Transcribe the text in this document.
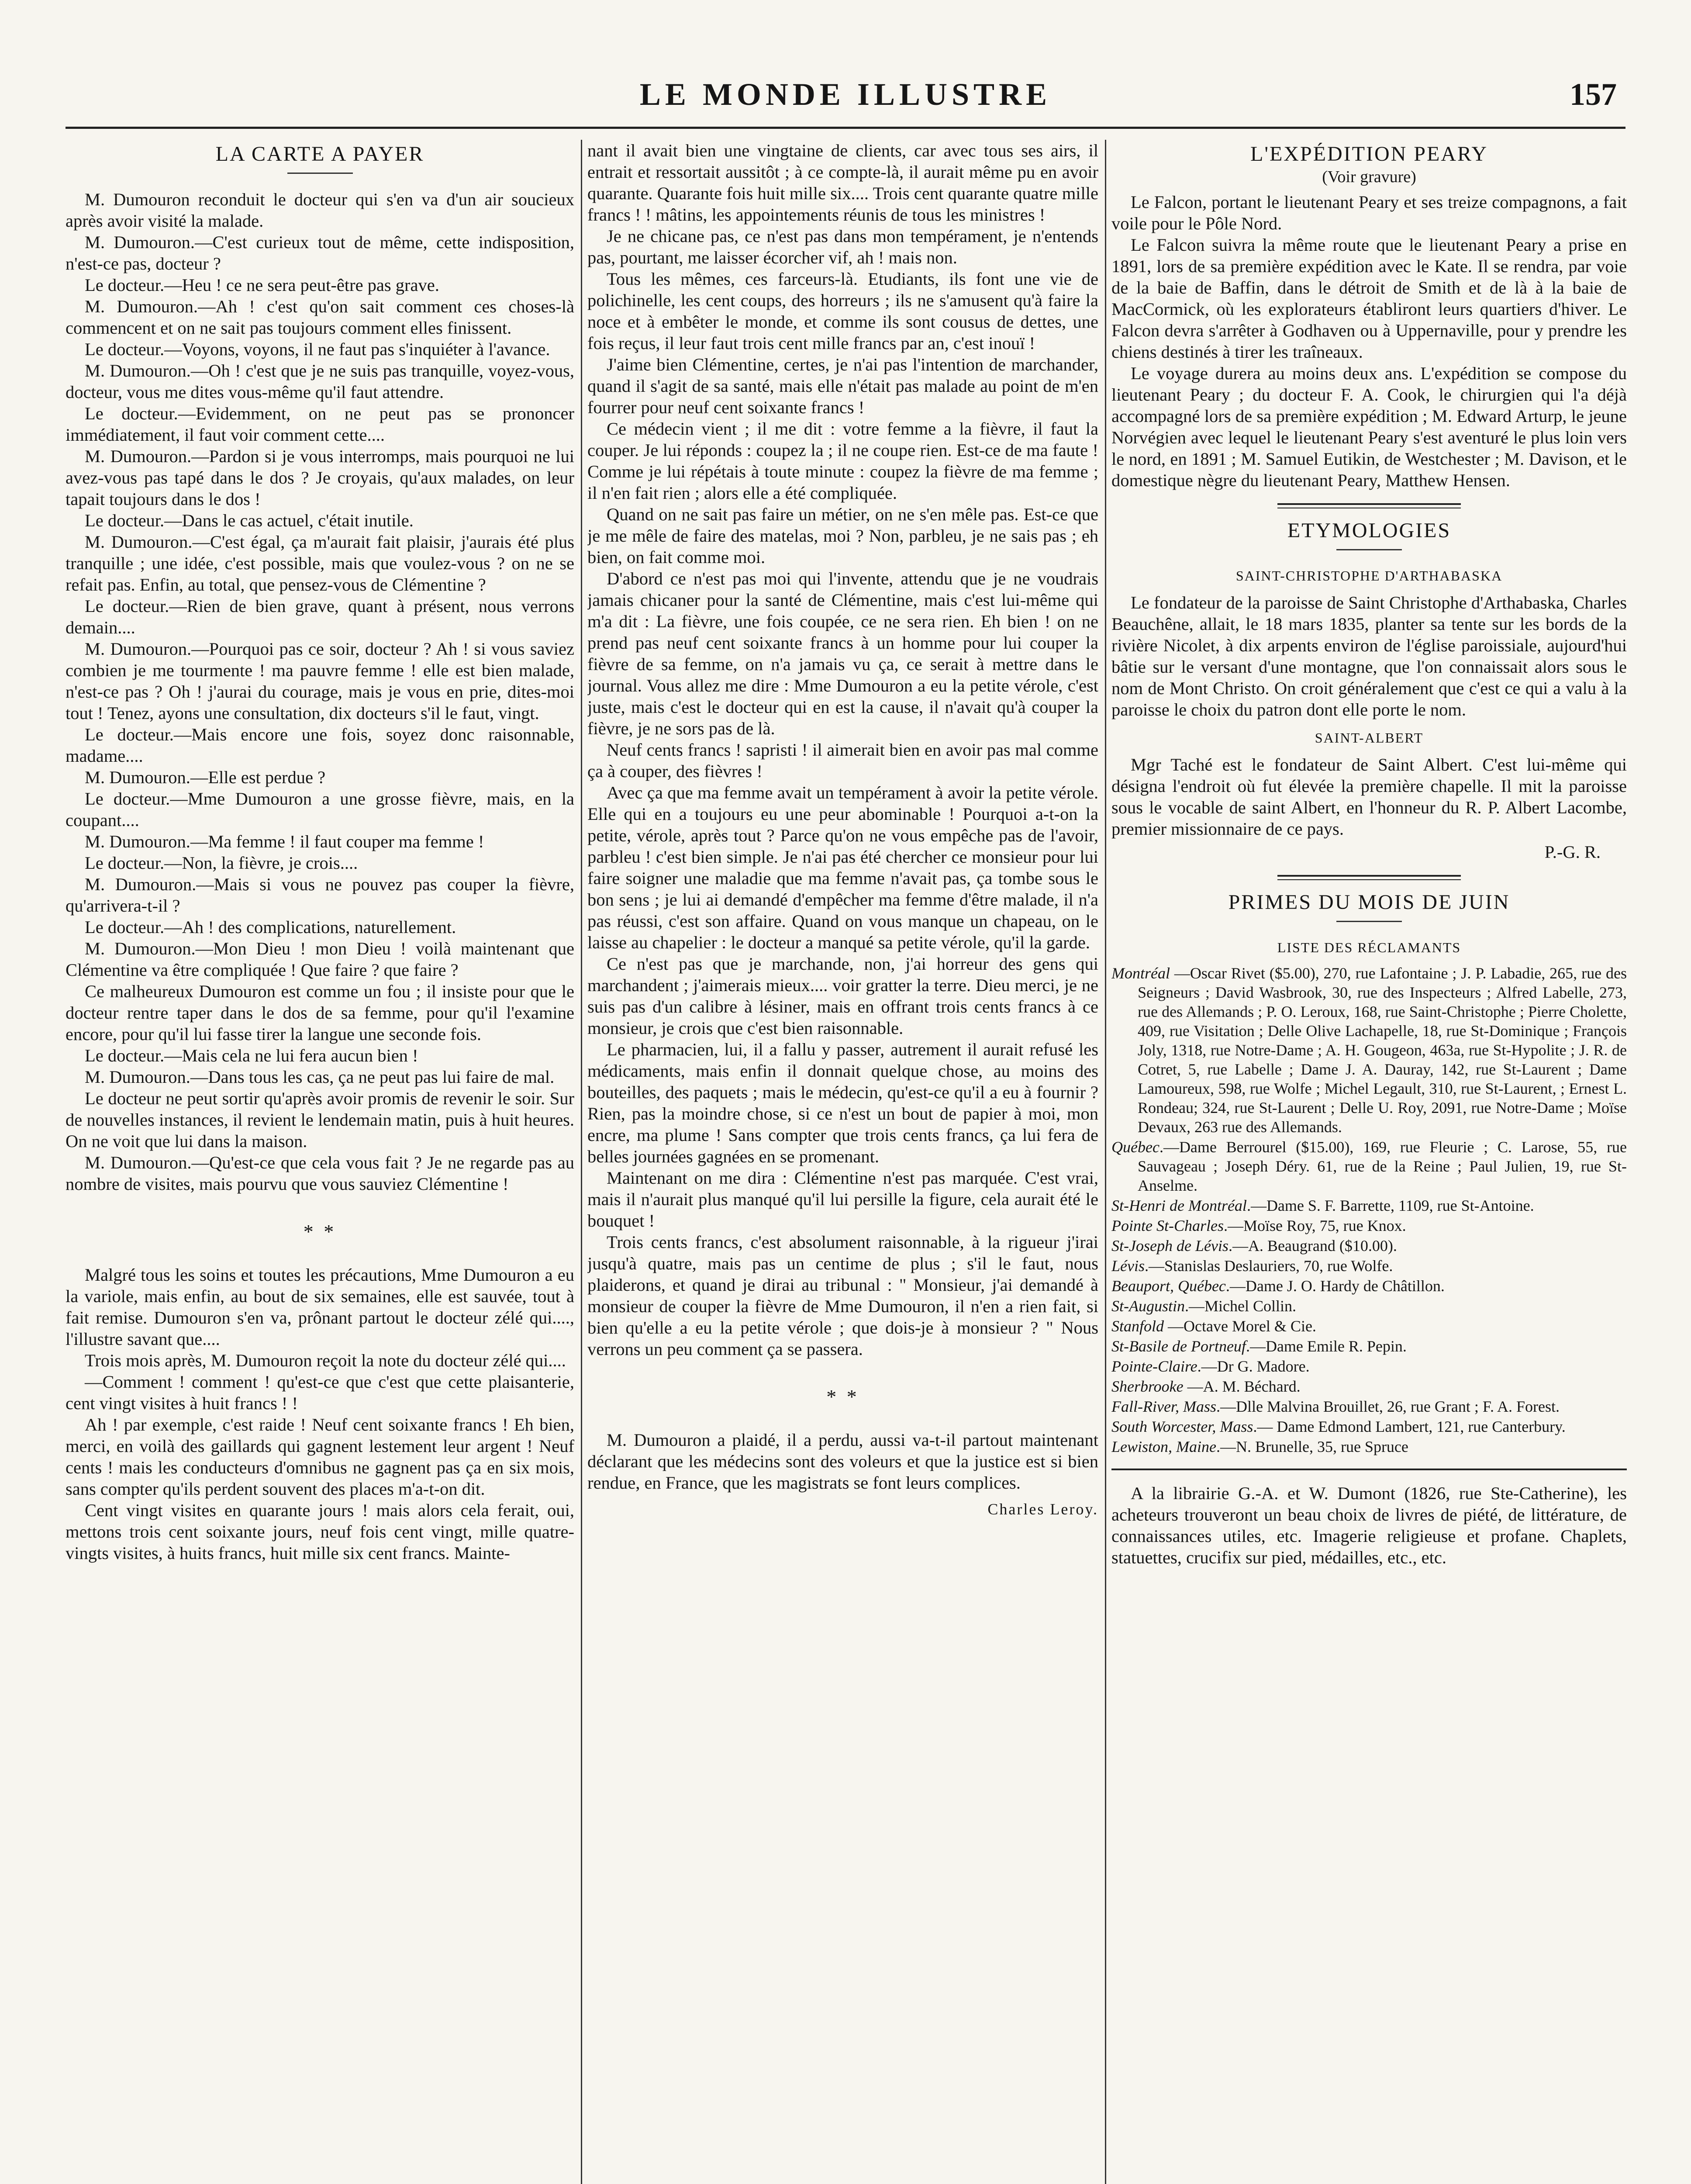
LE MONDE ILLUSTRE	157
LA CARTE A PAYER

M. Dumouron reconduit le docteur qui s'en va d'un air soucieux après avoir visité la malade.

M. Dumouron.—C'est curieux tout de même, cette indisposition, n'est-ce pas, docteur ?

Le docteur.—Heu ! ce ne sera peut-être pas grave.

M. Dumouron.—Ah ! c'est qu'on sait comment ces choses-là commencent et on ne sait pas toujours comment elles finissent.

Le docteur.—Voyons, voyons, il ne faut pas s'inquiéter à l'avance.

M. Dumouron.—Oh ! c'est que je ne suis pas tranquille, voyez-vous, docteur, vous me dites vous-même qu'il faut attendre.

Le docteur.—Evidemment, on ne peut pas se prononcer immédiatement, il faut voir comment cette....

M. Dumouron.—Pardon si je vous interromps, mais pourquoi ne lui avez-vous pas tapé dans le dos ? Je croyais, qu'aux malades, on leur tapait toujours dans le dos !

Le docteur.—Dans le cas actuel, c'était inutile.

M. Dumouron.—C'est égal, ça m'aurait fait plaisir, j'aurais été plus tranquille ; une idée, c'est possible, mais que voulez-vous ? on ne se refait pas. Enfin, au total, que pensez-vous de Clémentine ?

Le docteur.—Rien de bien grave, quant à présent, nous verrons demain....

M. Dumouron.—Pourquoi pas ce soir, docteur ? Ah ! si vous saviez combien je me tourmente ! ma pauvre femme ! elle est bien malade, n'est-ce pas ? Oh ! j'aurai du courage, mais je vous en prie, dites-moi tout ! Tenez, ayons une consultation, dix docteurs s'il le faut, vingt.

Le docteur.—Mais encore une fois, soyez donc raisonnable, madame....

M. Dumouron.—Elle est perdue ?

Le docteur.—Mme Dumouron a une grosse fièvre, mais, en la coupant....

M. Dumouron.—Ma femme ! il faut couper ma femme !

Le docteur.—Non, la fièvre, je crois....

M. Dumouron.—Mais si vous ne pouvez pas couper la fièvre, qu'arrivera-t-il ?

Le docteur.—Ah ! des complications, naturellement.

M. Dumouron.—Mon Dieu ! mon Dieu ! voilà maintenant que Clémentine va être compliquée ! Que faire ? que faire ?

Ce malheureux Dumouron est comme un fou ; il insiste pour que le docteur rentre taper dans le dos de sa femme, pour qu'il l'examine encore, pour qu'il lui fasse tirer la langue une seconde fois.

Le docteur.—Mais cela ne lui fera aucun bien !

M. Dumouron.—Dans tous les cas, ça ne peut pas lui faire de mal.

Le docteur ne peut sortir qu'après avoir promis de revenir le soir. Sur de nouvelles instances, il revient le lendemain matin, puis à huit heures. On ne voit que lui dans la maison.

M. Dumouron.—Qu'est-ce que cela vous fait ? Je ne regarde pas au nombre de visites, mais pourvu que vous sauviez Clémentine !

* *

Malgré tous les soins et toutes les précautions, Mme Dumouron a eu la variole, mais enfin, au bout de six semaines, elle est sauvée, tout à fait remise. Dumouron s'en va, prônant partout le docteur zélé qui...., l'illustre savant que....

Trois mois après, M. Dumouron reçoit la note du docteur zélé qui....

—Comment ! comment ! qu'est-ce que c'est que cette plaisanterie, cent vingt visites à huit francs ! !

Ah ! par exemple, c'est raide ! Neuf cent soixante francs ! Eh bien, merci, en voilà des gaillards qui gagnent lestement leur argent ! Neuf cents ! mais les conducteurs d'omnibus ne gagnent pas ça en six mois, sans compter qu'ils perdent souvent des places m'a-t-on dit.

Cent vingt visites en quarante jours ! mais alors cela ferait, oui, mettons trois cent soixante jours, neuf fois cent vingt, mille quatre-vingts visites, à huits francs, huit mille six cent francs. Mainte-

nant il avait bien une vingtaine de clients, car avec tous ses airs, il entrait et ressortait aussitôt ; à ce compte-là, il aurait même pu en avoir quarante. Quarante fois huit mille six.... Trois cent quarante quatre mille francs ! ! mâtins, les appointements réunis de tous les ministres !

Je ne chicane pas, ce n'est pas dans mon tempérament, je n'entends pas, pourtant, me laisser écorcher vif, ah ! mais non.

Tous les mêmes, ces farceurs-là. Etudiants, ils font une vie de polichinelle, les cent coups, des horreurs ; ils ne s'amusent qu'à faire la noce et à embêter le monde, et comme ils sont cousus de dettes, une fois reçus, il leur faut trois cent mille francs par an, c'est inouï !

J'aime bien Clémentine, certes, je n'ai pas l'intention de marchander, quand il s'agit de sa santé, mais elle n'était pas malade au point de m'en fourrer pour neuf cent soixante francs !

Ce médecin vient ; il me dit : votre femme a la fièvre, il faut la couper. Je lui réponds : coupez la ; il ne coupe rien. Est-ce de ma faute ! Comme je lui répétais à toute minute : coupez la fièvre de ma femme ; il n'en fait rien ; alors elle a été compliquée.

Quand on ne sait pas faire un métier, on ne s'en mêle pas. Est-ce que je me mêle de faire des matelas, moi ? Non, parbleu, je ne sais pas ; eh bien, on fait comme moi.

D'abord ce n'est pas moi qui l'invente, attendu que je ne voudrais jamais chicaner pour la santé de Clémentine, mais c'est lui-même qui m'a dit : La fièvre, une fois coupée, ce ne sera rien. Eh bien ! on ne prend pas neuf cent soixante francs à un homme pour lui couper la fièvre de sa femme, on n'a jamais vu ça, ce serait à mettre dans le journal. Vous allez me dire : Mme Dumouron a eu la petite vérole, c'est juste, mais c'est le docteur qui en est la cause, il n'avait qu'à couper la fièvre, je ne sors pas de là.

Neuf cents francs ! sapristi ! il aimerait bien en avoir pas mal comme ça à couper, des fièvres !

Avec ça que ma femme avait un tempérament à avoir la petite vérole. Elle qui en a toujours eu une peur abominable ! Pourquoi a-t-on la petite, vérole, après tout ? Parce qu'on ne vous empêche pas de l'avoir, parbleu ! c'est bien simple. Je n'ai pas été chercher ce monsieur pour lui faire soigner une maladie que ma femme n'avait pas, ça tombe sous le bon sens ; je lui ai demandé d'empêcher ma femme d'être malade, il n'a pas réussi, c'est son affaire. Quand on vous manque un chapeau, on le laisse au chapelier : le docteur a manqué sa petite vérole, qu'il la garde.

Ce n'est pas que je marchande, non, j'ai horreur des gens qui marchandent ; j'aimerais mieux.... voir gratter la terre. Dieu merci, je ne suis pas d'un calibre à lésiner, mais en offrant trois cents francs à ce monsieur, je crois que c'est bien raisonnable.

Le pharmacien, lui, il a fallu y passer, autrement il aurait refusé les médicaments, mais enfin il donnait quelque chose, au moins des bouteilles, des paquets ; mais le médecin, qu'est-ce qu'il a eu à fournir ? Rien, pas la moindre chose, si ce n'est un bout de papier à moi, mon encre, ma plume ! Sans compter que trois cents francs, ça lui fera de belles journées gagnées en se promenant.

Maintenant on me dira : Clémentine n'est pas marquée. C'est vrai, mais il n'aurait plus manqué qu'il lui persille la figure, cela aurait été le bouquet !

Trois cents francs, c'est absolument raisonnable, à la rigueur j'irai jusqu'à quatre, mais pas un centime de plus ; s'il le faut, nous plaiderons, et quand je dirai au tribunal : " Monsieur, j'ai demandé à monsieur de couper la fièvre de Mme Dumouron, il n'en a rien fait, si bien qu'elle a eu la petite vérole ; que dois-je à monsieur ? " Nous verrons un peu comment ça se passera.

* *

M. Dumouron a plaidé, il a perdu, aussi va-t-il partout maintenant déclarant que les médecins sont des voleurs et que la justice est si bien rendue, en France, que les magistrats se font leurs complices.

Charles Leroy.
L'EXPÉDITION PEARY
(Voir gravure)

Le Falcon, portant le lieutenant Peary et ses treize compagnons, a fait voile pour le Pôle Nord.

Le Falcon suivra la même route que le lieutenant Peary a prise en 1891, lors de sa première expédition avec le Kate. Il se rendra, par voie de la baie de Baffin, dans le détroit de Smith et de là à la baie de MacCormick, où les explorateurs établiront leurs quartiers d'hiver. Le Falcon devra s'arrêter à Godhaven ou à Uppernaville, pour y prendre les chiens destinés à tirer les traîneaux.

Le voyage durera au moins deux ans. L'expédition se compose du lieutenant Peary ; du docteur F. A. Cook, le chirurgien qui l'a déjà accompagné lors de sa première expédition ; M. Edward Arturp, le jeune Norvégien avec lequel le lieutenant Peary s'est aventuré le plus loin vers le nord, en 1891 ; M. Samuel Eutikin, de Westchester ; M. Davison, et le domestique nègre du lieutenant Peary, Matthew Hensen.

ETYMOLOGIES
SAINT-CHRISTOPHE D'ARTHABASKA

Le fondateur de la paroisse de Saint Christophe d'Arthabaska, Charles Beauchêne, allait, le 18 mars 1835, planter sa tente sur les bords de la rivière Nicolet, à dix arpents environ de l'église paroissiale, aujourd'hui bâtie sur le versant d'une montagne, que l'on connaissait alors sous le nom de Mont Christo. On croit généralement que c'est ce qui a valu à la paroisse le choix du patron dont elle porte le nom.

SAINT-ALBERT

Mgr Taché est le fondateur de Saint Albert. C'est lui-même qui désigna l'endroit où fut élevée la première chapelle. Il mit la paroisse sous le vocable de saint Albert, en l'honneur du R. P. Albert Lacombe, premier missionnaire de ce pays.

P.-G. R.
PRIMES DU MOIS DE JUIN
LISTE DES RÉCLAMANTS
Montréal —Oscar Rivet ($5.00), 270, rue Lafontaine ; J. P. Labadie, 265, rue des Seigneurs ; David Wasbrook, 30, rue des Inspecteurs ; Alfred Labelle, 273, rue des Allemands ; P. O. Leroux, 168, rue Saint-Christophe ; Pierre Cholette, 409, rue Visitation ; Delle Olive Lachapelle, 18, rue St-Dominique ; François Joly, 1318, rue Notre-Dame ; A. H. Gougeon, 463a, rue St-Hypolite ; J. R. de Cotret, 5, rue Labelle ; Dame J. A. Dauray, 142, rue St-Laurent ; Dame Lamoureux, 598, rue Wolfe ; Michel Legault, 310, rue St-Laurent, ; Ernest L. Rondeau; 324, rue St-Laurent ; Delle U. Roy, 2091, rue Notre-Dame ; Moïse Devaux, 263 rue des Allemands.
Québec.—Dame Berrourel ($15.00), 169, rue Fleurie ; C. Larose, 55, rue Sauvageau ; Joseph Déry. 61, rue de la Reine ; Paul Julien, 19, rue St-Anselme.
St-Henri de Montréal.—Dame S. F. Barrette, 1109, rue St-Antoine.
Pointe St-Charles.—Moïse Roy, 75, rue Knox.
St-Joseph de Lévis.—A. Beaugrand ($10.00).
Lévis.—Stanislas Deslauriers, 70, rue Wolfe.
Beauport, Québec.—Dame J. O. Hardy de Châtillon.
St-Augustin.—Michel Collin.
Stanfold —Octave Morel & Cie.
St-Basile de Portneuf.—Dame Emile R. Pepin.
Pointe-Claire.—Dr G. Madore.
Sherbrooke —A. M. Béchard.
Fall-River, Mass.—Dlle Malvina Brouillet, 26, rue Grant ; F. A. Forest.
South Worcester, Mass.— Dame Edmond Lambert, 121, rue Canterbury.
Lewiston, Maine.—N. Brunelle, 35, rue Spruce

A la librairie G.-A. et W. Dumont (1826, rue Ste-Catherine), les acheteurs trouveront un beau choix de livres de piété, de littérature, de connaissances utiles, etc. Imagerie religieuse et profane. Chaplets, statuettes, crucifix sur pied, médailles, etc., etc.
